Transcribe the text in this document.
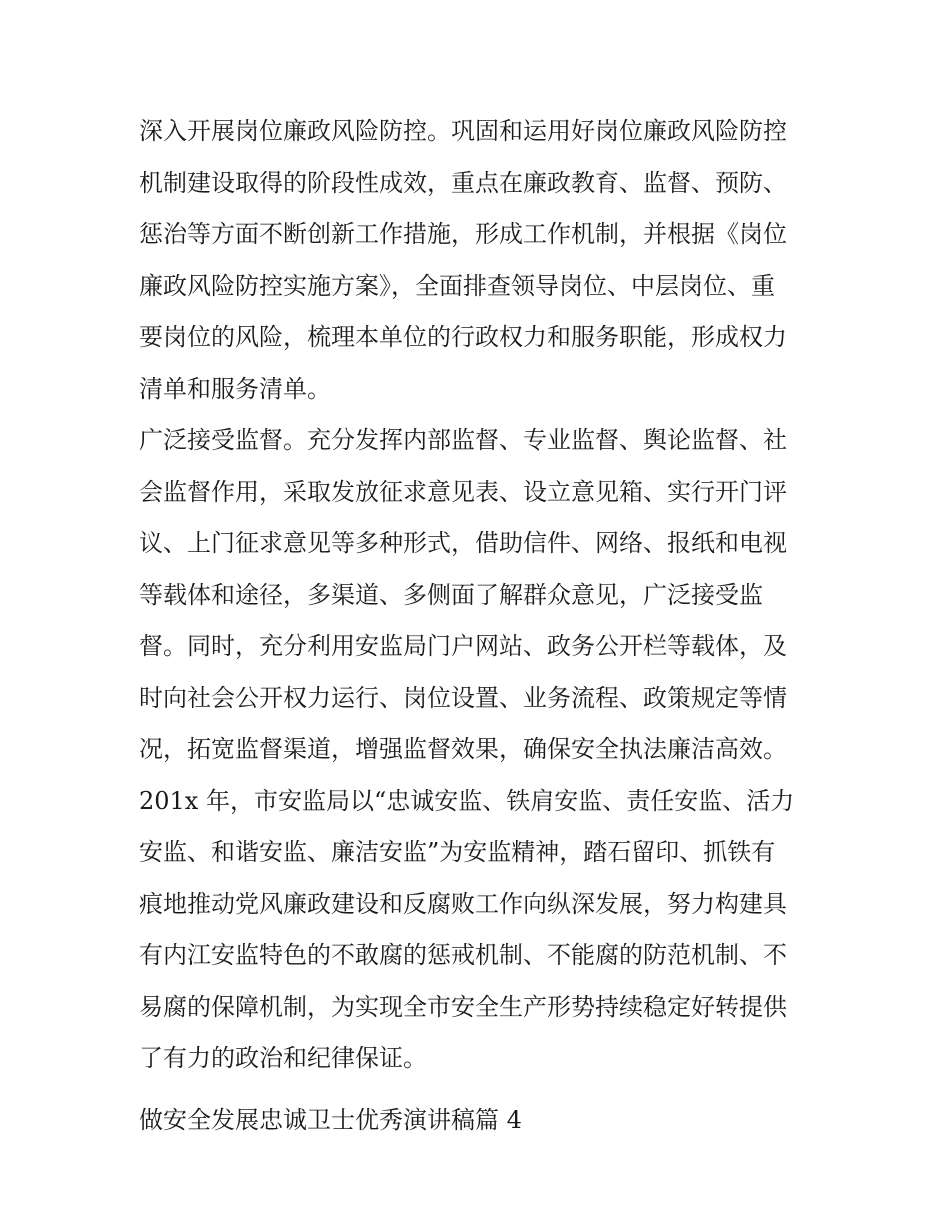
深入开展岗位廉政风险防控。巩固和运用好岗位廉政风险防控
机制建设取得的阶段性成效，重点在廉政教育、监督、预防、
惩治等方面不断创新工作措施，形成工作机制，并根据《岗位
廉政风险防控实施方案》，全面排查领导岗位、中层岗位、重
要岗位的风险，梳理本单位的行政权力和服务职能，形成权力
清单和服务清单。

广泛接受监督。充分发挥内部监督、专业监督、舆论监督、社
会监督作用，采取发放征求意见表、设立意见箱、实行开门评
议、上门征求意见等多种形式，借助信件、网络、报纸和电视
等载体和途径，多渠道、多侧面了解群众意见，广泛接受监
督。同时，充分利用安监局门户网站、政务公开栏等载体，及
时向社会公开权力运行、岗位设置、业务流程、政策规定等情
况，拓宽监督渠道，增强监督效果，确保安全执法廉洁高效。

201x 年，市安监局以“忠诚安监、铁肩安监、责任安监、活力
安监、和谐安监、廉洁安监”为安监精神，踏石留印、抓铁有
痕地推动党风廉政建设和反腐败工作向纵深发展，努力构建具
有内江安监特色的不敢腐的惩戒机制、不能腐的防范机制、不
易腐的保障机制，为实现全市安全生产形势持续稳定好转提供
了有力的政治和纪律保证。

做安全发展忠诚卫士优秀演讲稿篇 4
